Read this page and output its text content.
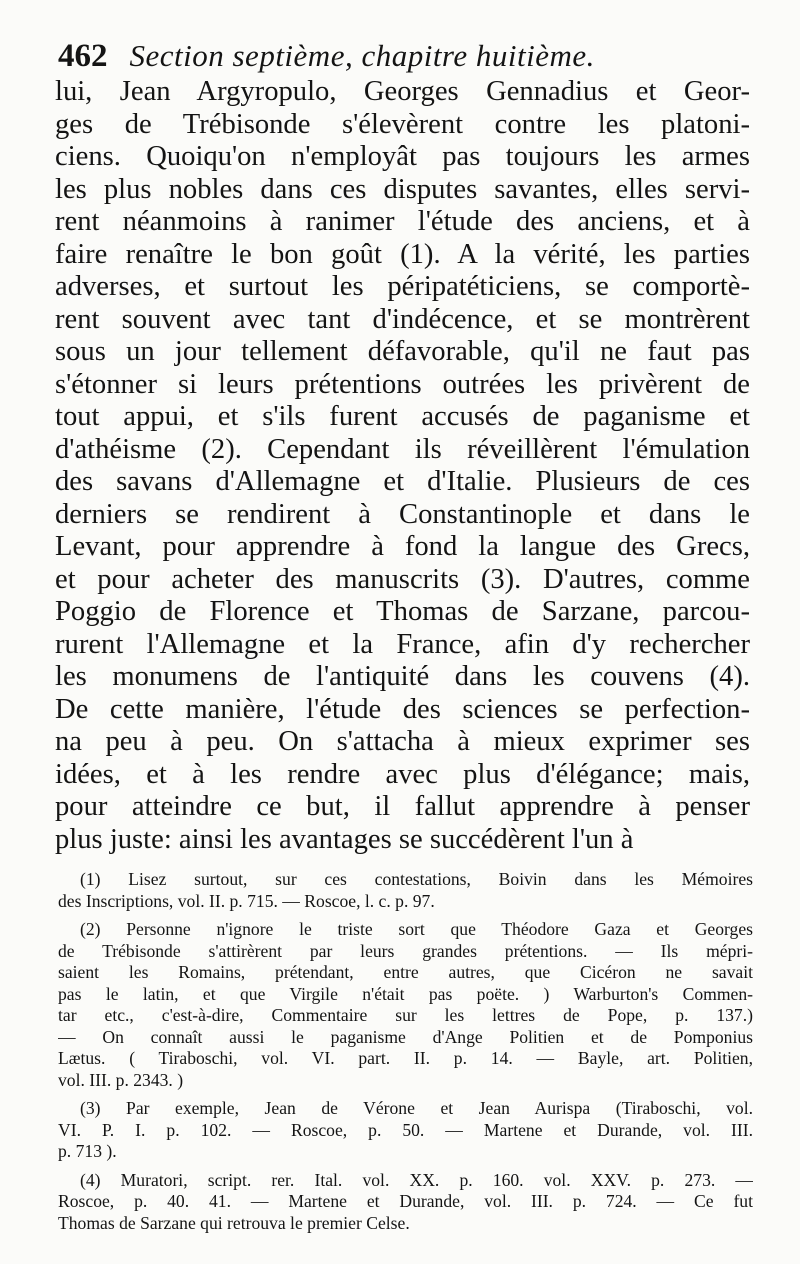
462 Section septième, chapitre huitième.
lui, Jean Argyropulo, Georges Gennadius et Geor-
ges de Trébisonde s'élevèrent contre les platoni-
ciens. Quoiqu'on n'employât pas toujours les armes
les plus nobles dans ces disputes savantes, elles servi-
rent néanmoins à ranimer l'étude des anciens, et à
faire renaître le bon goût (1). A la vérité, les parties
adverses, et surtout les péripatéticiens, se comportè-
rent souvent avec tant d'indécence, et se montrèrent
sous un jour tellement défavorable, qu'il ne faut pas
s'étonner si leurs prétentions outrées les privèrent de
tout appui, et s'ils furent accusés de paganisme et
d'athéisme (2). Cependant ils réveillèrent l'émulation
des savans d'Allemagne et d'Italie. Plusieurs de ces
derniers se rendirent à Constantinople et dans le
Levant, pour apprendre à fond la langue des Grecs,
et pour acheter des manuscrits (3). D'autres, comme
Poggio de Florence et Thomas de Sarzane, parcou-
rurent l'Allemagne et la France, afin d'y rechercher
les monumens de l'antiquité dans les couvens (4).
De cette manière, l'étude des sciences se perfection-
na peu à peu. On s'attacha à mieux exprimer ses
idées, et à les rendre avec plus d'élégance; mais,
pour atteindre ce but, il fallut apprendre à penser
plus juste: ainsi les avantages se succédèrent l'un à
(1) Lisez surtout, sur ces contestations, Boivin dans les Mémoires
des Inscriptions, vol. II. p. 715. — Roscoe, l. c. p. 97.
(2) Personne n'ignore le triste sort que Théodore Gaza et Georges
de Trébisonde s'attirèrent par leurs grandes prétentions. — Ils mépri-
saient les Romains, prétendant, entre autres, que Cicéron ne savait
pas le latin, et que Virgile n'était pas poëte. ) Warburton's Commen-
tar etc., c'est-à-dire, Commentaire sur les lettres de Pope, p. 137.)
— On connaît aussi le paganisme d'Ange Politien et de Pomponius
Lætus. ( Tiraboschi, vol. VI. part. II. p. 14. — Bayle, art. Politien,
vol. III. p. 2343. )
(3) Par exemple, Jean de Vérone et Jean Aurispa (Tiraboschi, vol.
VI. P. I. p. 102. — Roscoe, p. 50. — Martene et Durande, vol. III.
p. 713 ).
(4) Muratori, script. rer. Ital. vol. XX. p. 160. vol. XXV. p. 273. —
Roscoe, p. 40. 41. — Martene et Durande, vol. III. p. 724. — Ce fut
Thomas de Sarzane qui retrouva le premier Celse.
